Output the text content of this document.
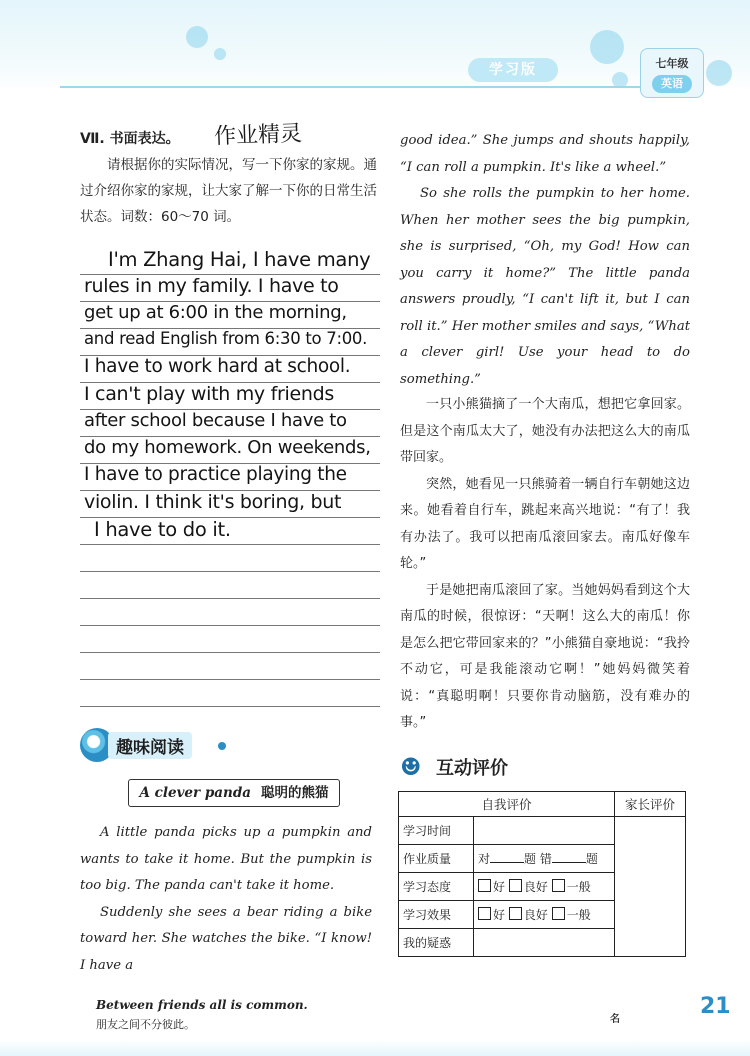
学习版	七年级
英语
Ⅶ. 书面表达。 作业精灵
请根据你的实际情况，写一下你家的家规。通过介绍你家的家规，让大家了解一下你的日常生活状态。词数：60～70 词。
I'm Zhang Hai, I have many
rules in my family. I have to
get up at 6:00 in the morning,
and read English from 6:30 to 7:00.
I have to work hard at school.
I can't play with my friends
after school because I have to
do my homework. On weekends,
I have to practice playing the
violin. I think it's boring, but
I have to do it.
趣味阅读
A clever panda 聪明的熊猫

A little panda picks up a pumpkin and wants to take it home. But the pumpkin is too big. The panda can't take it home.

Suddenly she sees a bear riding a bike toward her. She watches the bike. “I know! I have a

good idea.” She jumps and shouts happily, “I can roll a pumpkin. It's like a wheel.”

So she rolls the pumpkin to her home. When her mother sees the big pumpkin, she is surprised, “Oh, my God! How can you carry it home?” The little panda answers proudly, “I can't lift it, but I can roll it.” Her mother smiles and says, “What a clever girl! Use your head to do something.”

一只小熊猫摘了一个大南瓜，想把它拿回家。但是这个南瓜太大了，她没有办法把这么大的南瓜带回家。

突然，她看见一只熊骑着一辆自行车朝她这边来。她看着自行车，跳起来高兴地说：“有了！我有办法了。我可以把南瓜滚回家去。南瓜好像车轮。”

于是她把南瓜滚回了家。当她妈妈看到这个大南瓜的时候，很惊讶：“天啊！这么大的南瓜！你是怎么把它带回家来的？”小熊猫自豪地说：“我拎不动它，可是我能滚动它啊！”她妈妈微笑着说：“真聪明啊！只要你肯动脑筋，没有难办的事。”

☻ 互动评价
自我评价		家长评价
学习时间		
作业质量	对 题 错 题	
学习态度	好 良好 一般	
学习效果	好 良好 一般	
我的疑惑		
Between friends all is common.
朋友之间不分彼此。	名
21
